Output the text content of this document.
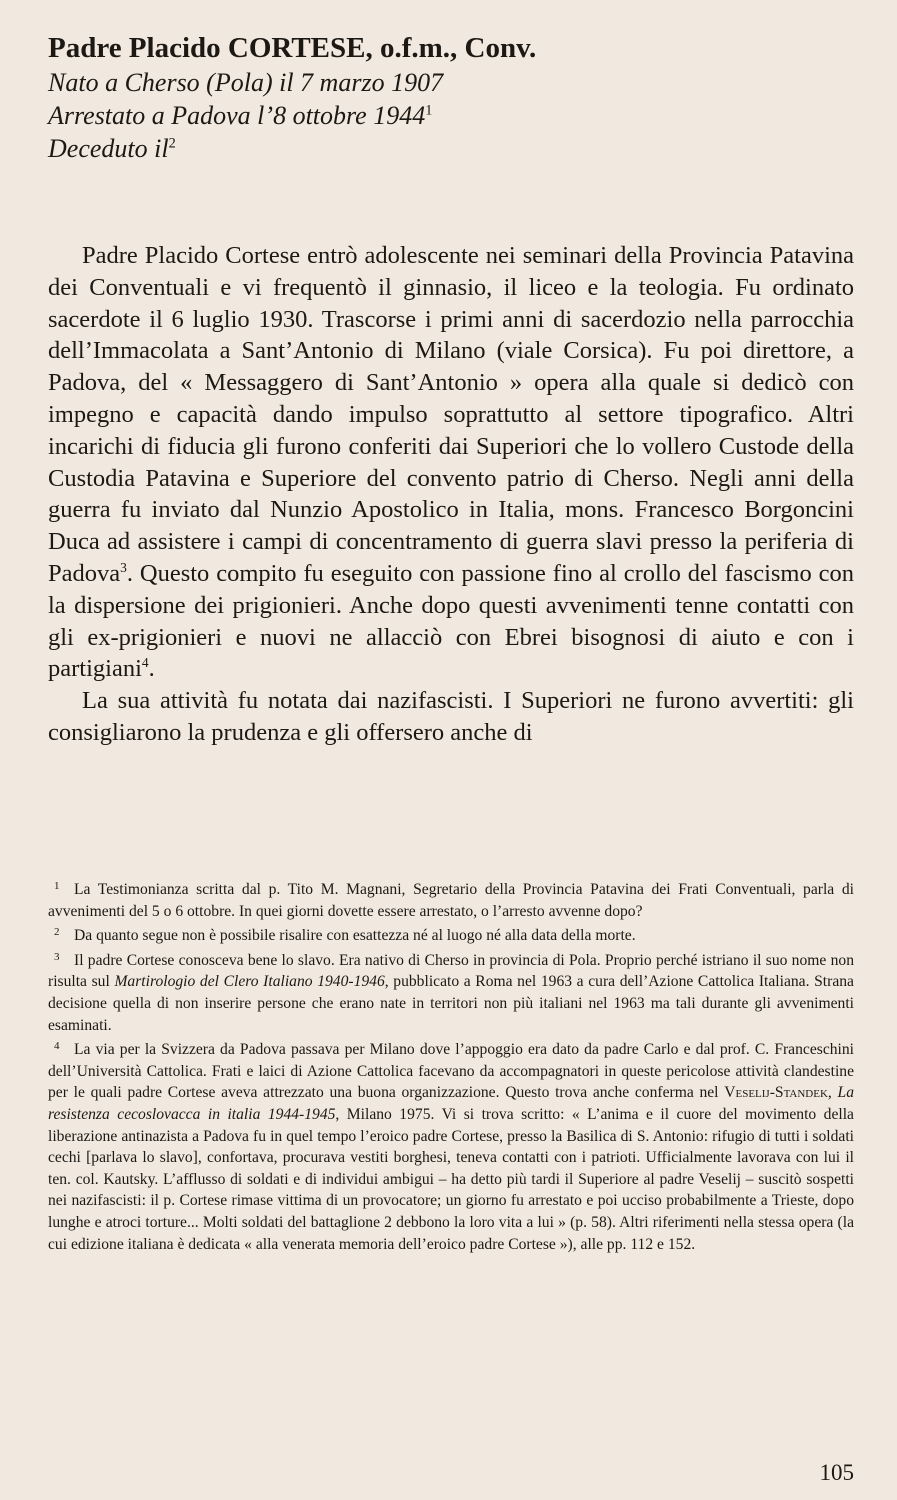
Padre Placido CORTESE, o.f.m., Conv.

Nato a Cherso (Pola) il 7 marzo 1907

Arrestato a Padova l’8 ottobre 1944$^1$

Deceduto $il^2$

Padre Placido Cortese entrò adolescente nei seminari della Provincia Patavina dei Conventuali e vi frequentò il ginnasio, il liceo e la teologia. Fu ordinato sacerdote il 6 luglio 1930. Trascorse i primi anni di sacerdozio nella parrocchia dell’Immacolata a Sant’Antonio di Milano (viale Corsica). Fu poi direttore, a Padova, del « Messaggero di Sant’Antonio » opera alla quale si dedicò con impegno e capacità dando impulso soprattutto al settore tipografico. Altri incarichi di fiducia gli furono conferiti dai Superiori che lo vollero Custode della Custodia Patavina e Superiore del convento patrio di Cherso. Negli anni della guerra fu inviato dal Nunzio Apostolico in Italia, mons. Francesco Borgoncini Duca ad assistere i campi di concentramento di guerra slavi presso la periferia di Padova$^3$. Questo compito fu eseguito con passione fino al crollo del fascismo con la dispersione dei prigionieri. Anche dopo questi avvenimenti tenne contatti con gli ex-prigionieri e nuovi ne allacciò con Ebrei bisognosi di aiuto e con i partigiani$^4$.

La sua attività fu notata dai nazifascisti. I Superiori ne furono avvertiti: gli consigliarono la prudenza e gli offersero anche di

1 La Testimonianza scritta dal p. Tito M. Magnani, Segretario della Provincia Patavina dei Frati Conventuali, parla di avvenimenti del 5 o 6 ottobre. In quei giorni dovette essere arrestato, o l’arresto avvenne dopo?

2 Da quanto segue non è possibile risalire con esattezza né al luogo né alla data della morte.

3 Il padre Cortese conosceva bene lo slavo. Era nativo di Cherso in provincia di Pola. Proprio perché istriano il suo nome non risulta sul Martirologio del Clero Italiano 1940-1946, pubblicato a Roma nel 1963 a cura dell’Azione Cattolica Italiana. Strana decisione quella di non inserire persone che erano nate in territori non più italiani nel 1963 ma tali durante gli avvenimenti esaminati.

4 La via per la Svizzera da Padova passava per Milano dove l’appoggio era dato da padre Carlo e dal prof. C. Franceschini dell’Università Cattolica. Frati e laici di Azione Cattolica facevano da accompagnatori in queste pericolose attività clandestine per le quali padre Cortese aveva attrezzato una buona organizzazione. Questo trova anche conferma nel Veselij-Standek, La resistenza cecoslovacca in italia 1944-1945, Milano 1975. Vi si trova scritto: « L’anima e il cuore del movimento della liberazione antinazista a Padova fu in quel tempo l’eroico padre Cortese, presso la Basilica di S. Antonio: rifugio di tutti i soldati cechi [parlava lo slavo], confortava, procurava vestiti borghesi, teneva contatti con i patrioti. Ufficialmente lavorava con lui il ten. col. Kautsky. L’afflusso di soldati e di individui ambigui – ha detto più tardi il Superiore al padre Veselij – suscitò sospetti nei nazifascisti: il p. Cortese rimase vittima di un provocatore; un giorno fu arrestato e poi ucciso probabilmente a Trieste, dopo lunghe e atroci torture... Molti soldati del battaglione 2 debbono la loro vita a lui » (p. 58). Altri riferimenti nella stessa opera (la cui edizione italiana è dedicata « alla venerata memoria dell’eroico padre Cortese »), alle pp. 112 e 152.

105
